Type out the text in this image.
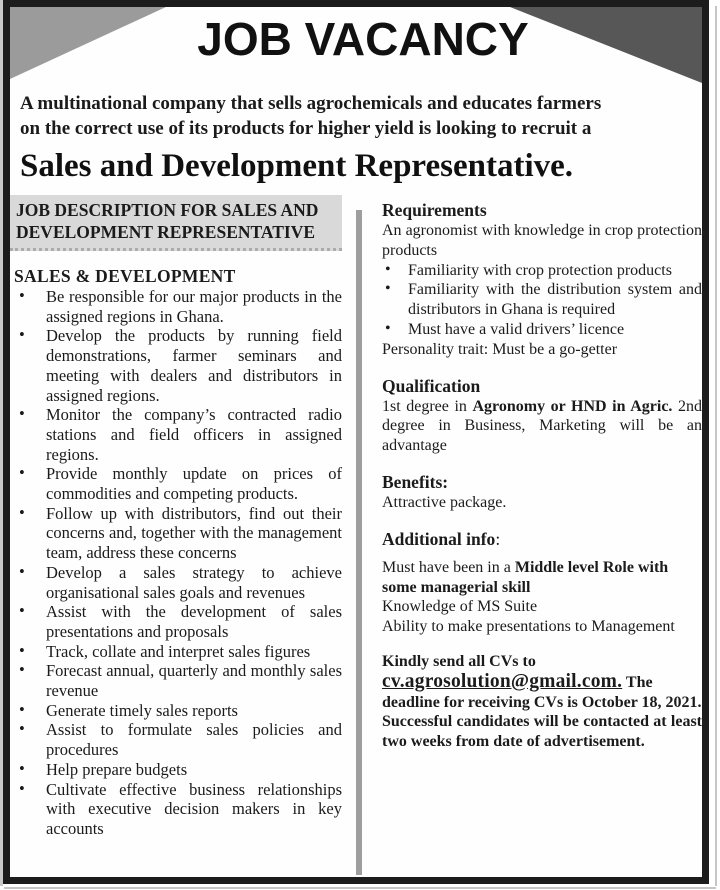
JOB VACANCY
A multinational company that sells agrochemicals and educates farmers
on the correct use of its products for higher yield is looking to recruit a
Sales and Development Representative.
JOB DESCRIPTION FOR SALES AND DEVELOPMENT REPRESENTATIVE
SALES & DEVELOPMENT
• Be responsible for our major products in the assigned regions in Ghana.
• Develop the products by running field demonstrations, farmer seminars and meeting with dealers and distributors in assigned regions.
• Monitor the company’s contracted radio stations and field officers in assigned regions.
• Provide monthly update on prices of commodities and competing products.
• Follow up with distributors, find out their concerns and, together with the management team, address these concerns
• Develop a sales strategy to achieve organisational sales goals and revenues
• Assist with the development of sales presentations and proposals
• Track, collate and interpret sales figures
• Forecast annual, quarterly and monthly sales revenue
• Generate timely sales reports
• Assist to formulate sales policies and procedures
• Help prepare budgets
• Cultivate effective business relationships with executive decision makers in key accounts
Requirements

An agronomist with knowledge in crop protection products

• Familiarity with crop protection products
• Familiarity with the distribution system and distributors in Ghana is required
• Must have a valid drivers’ licence

Personality trait: Must be a go-getter

Qualification

1st degree in Agronomy or HND in Agric. 2nd degree in Business, Marketing will be an advantage

Benefits:

Attractive package.

Additional info:

Must have been in a Middle level Role with some managerial skill

Knowledge of MS Suite
Ability to make presentations to Management

Kindly send all CVs to

cv.agrosolution@gmail.com. The deadline for receiving CVs is October 18, 2021.

Successful candidates will be contacted at least two weeks from date of advertisement.
